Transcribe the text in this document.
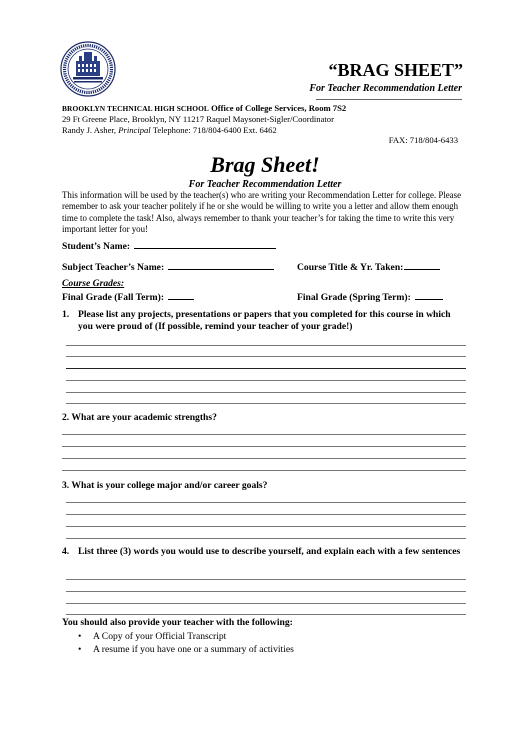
“BRAG SHEET”
For Teacher Recommendation Letter
BROOKLYN TECHNICAL HIGH SCHOOL Office of College Services, Room 7S2
29 Ft Greene Place, Brooklyn, NY 11217 Raquel Maysonet-Sigler/Coordinator
Randy J. Asher, Principal Telephone: 718/804-6400 Ext. 6462
FAX: 718/804-6433
Brag Sheet!
For Teacher Recommendation Letter
This information will be used by the teacher(s) who are writing your Recommendation Letter for college. Please remember to ask your teacher politely if he or she would be willing to write you a letter and allow them enough time to complete the task! Also, always remember to thank your teacher’s for taking the time to write this very important letter for you!
Student’s Name:
Subject Teacher’s Name:	Course Title & Yr. Taken:
Course Grades:
Final Grade (Fall Term):	Final Grade (Spring Term):
1. Please list any projects, presentations or papers that you completed for this course in which you were proud of (If possible, remind your teacher of your grade!)
2. What are your academic strengths?
3. What is your college major and/or career goals?
4. List three (3) words you would use to describe yourself, and explain each with a few sentences
You should also provide your teacher with the following:
• A Copy of your Official Transcript
• A resume if you have one or a summary of activities
